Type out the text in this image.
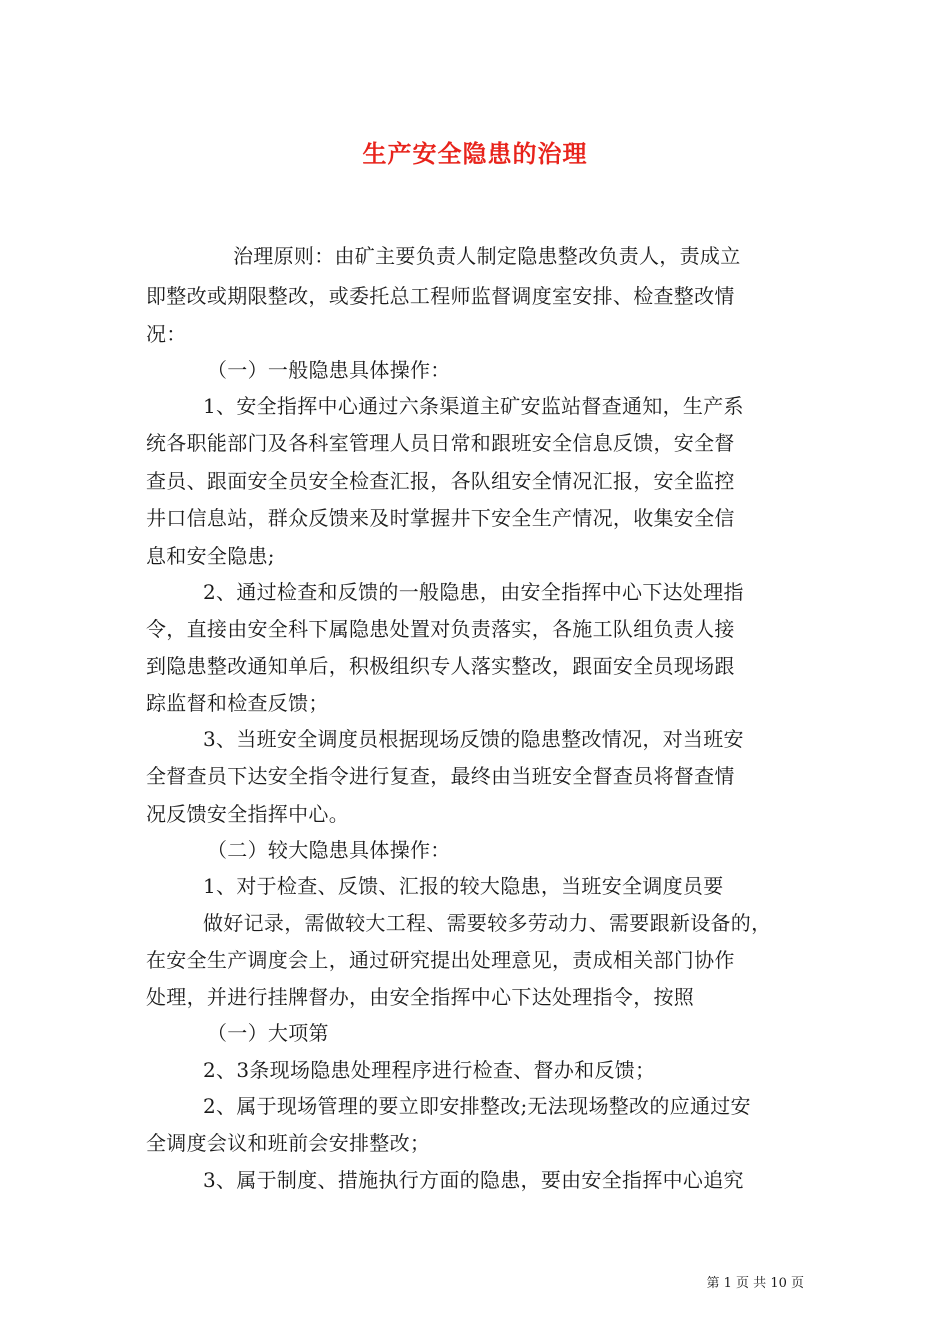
生产安全隐患的治理
治理原则：由矿主要负责人制定隐患整改负责人，责成立
即整改或期限整改，或委托总工程师监督调度室安排、检查整改情
况：
（一）一般隐患具体操作：
1、安全指挥中心通过六条渠道主矿安监站督查通知，生产系
统各职能部门及各科室管理人员日常和跟班安全信息反馈，安全督
查员、跟面安全员安全检查汇报，各队组安全情况汇报，安全监控
井口信息站，群众反馈来及时掌握井下安全生产情况，收集安全信
息和安全隐患;
2、通过检查和反馈的一般隐患，由安全指挥中心下达处理指
令，直接由安全科下属隐患处置对负责落实，各施工队组负责人接
到隐患整改通知单后，积极组织专人落实整改，跟面安全员现场跟
踪监督和检查反馈；
3、当班安全调度员根据现场反馈的隐患整改情况，对当班安
全督查员下达安全指令进行复查，最终由当班安全督查员将督查情
况反馈安全指挥中心。
（二）较大隐患具体操作：
1、对于检查、反馈、汇报的较大隐患，当班安全调度员要
做好记录，需做较大工程、需要较多劳动力、需要跟新设备的，
在安全生产调度会上，通过研究提出处理意见，责成相关部门协作
处理，并进行挂牌督办，由安全指挥中心下达处理指令，按照
（一）大项第
2、3条现场隐患处理程序进行检查、督办和反馈；
2、属于现场管理的要立即安排整改;无法现场整改的应通过安
全调度会议和班前会安排整改；
3、属于制度、措施执行方面的隐患，要由安全指挥中心追究
第 1 页 共 10 页
